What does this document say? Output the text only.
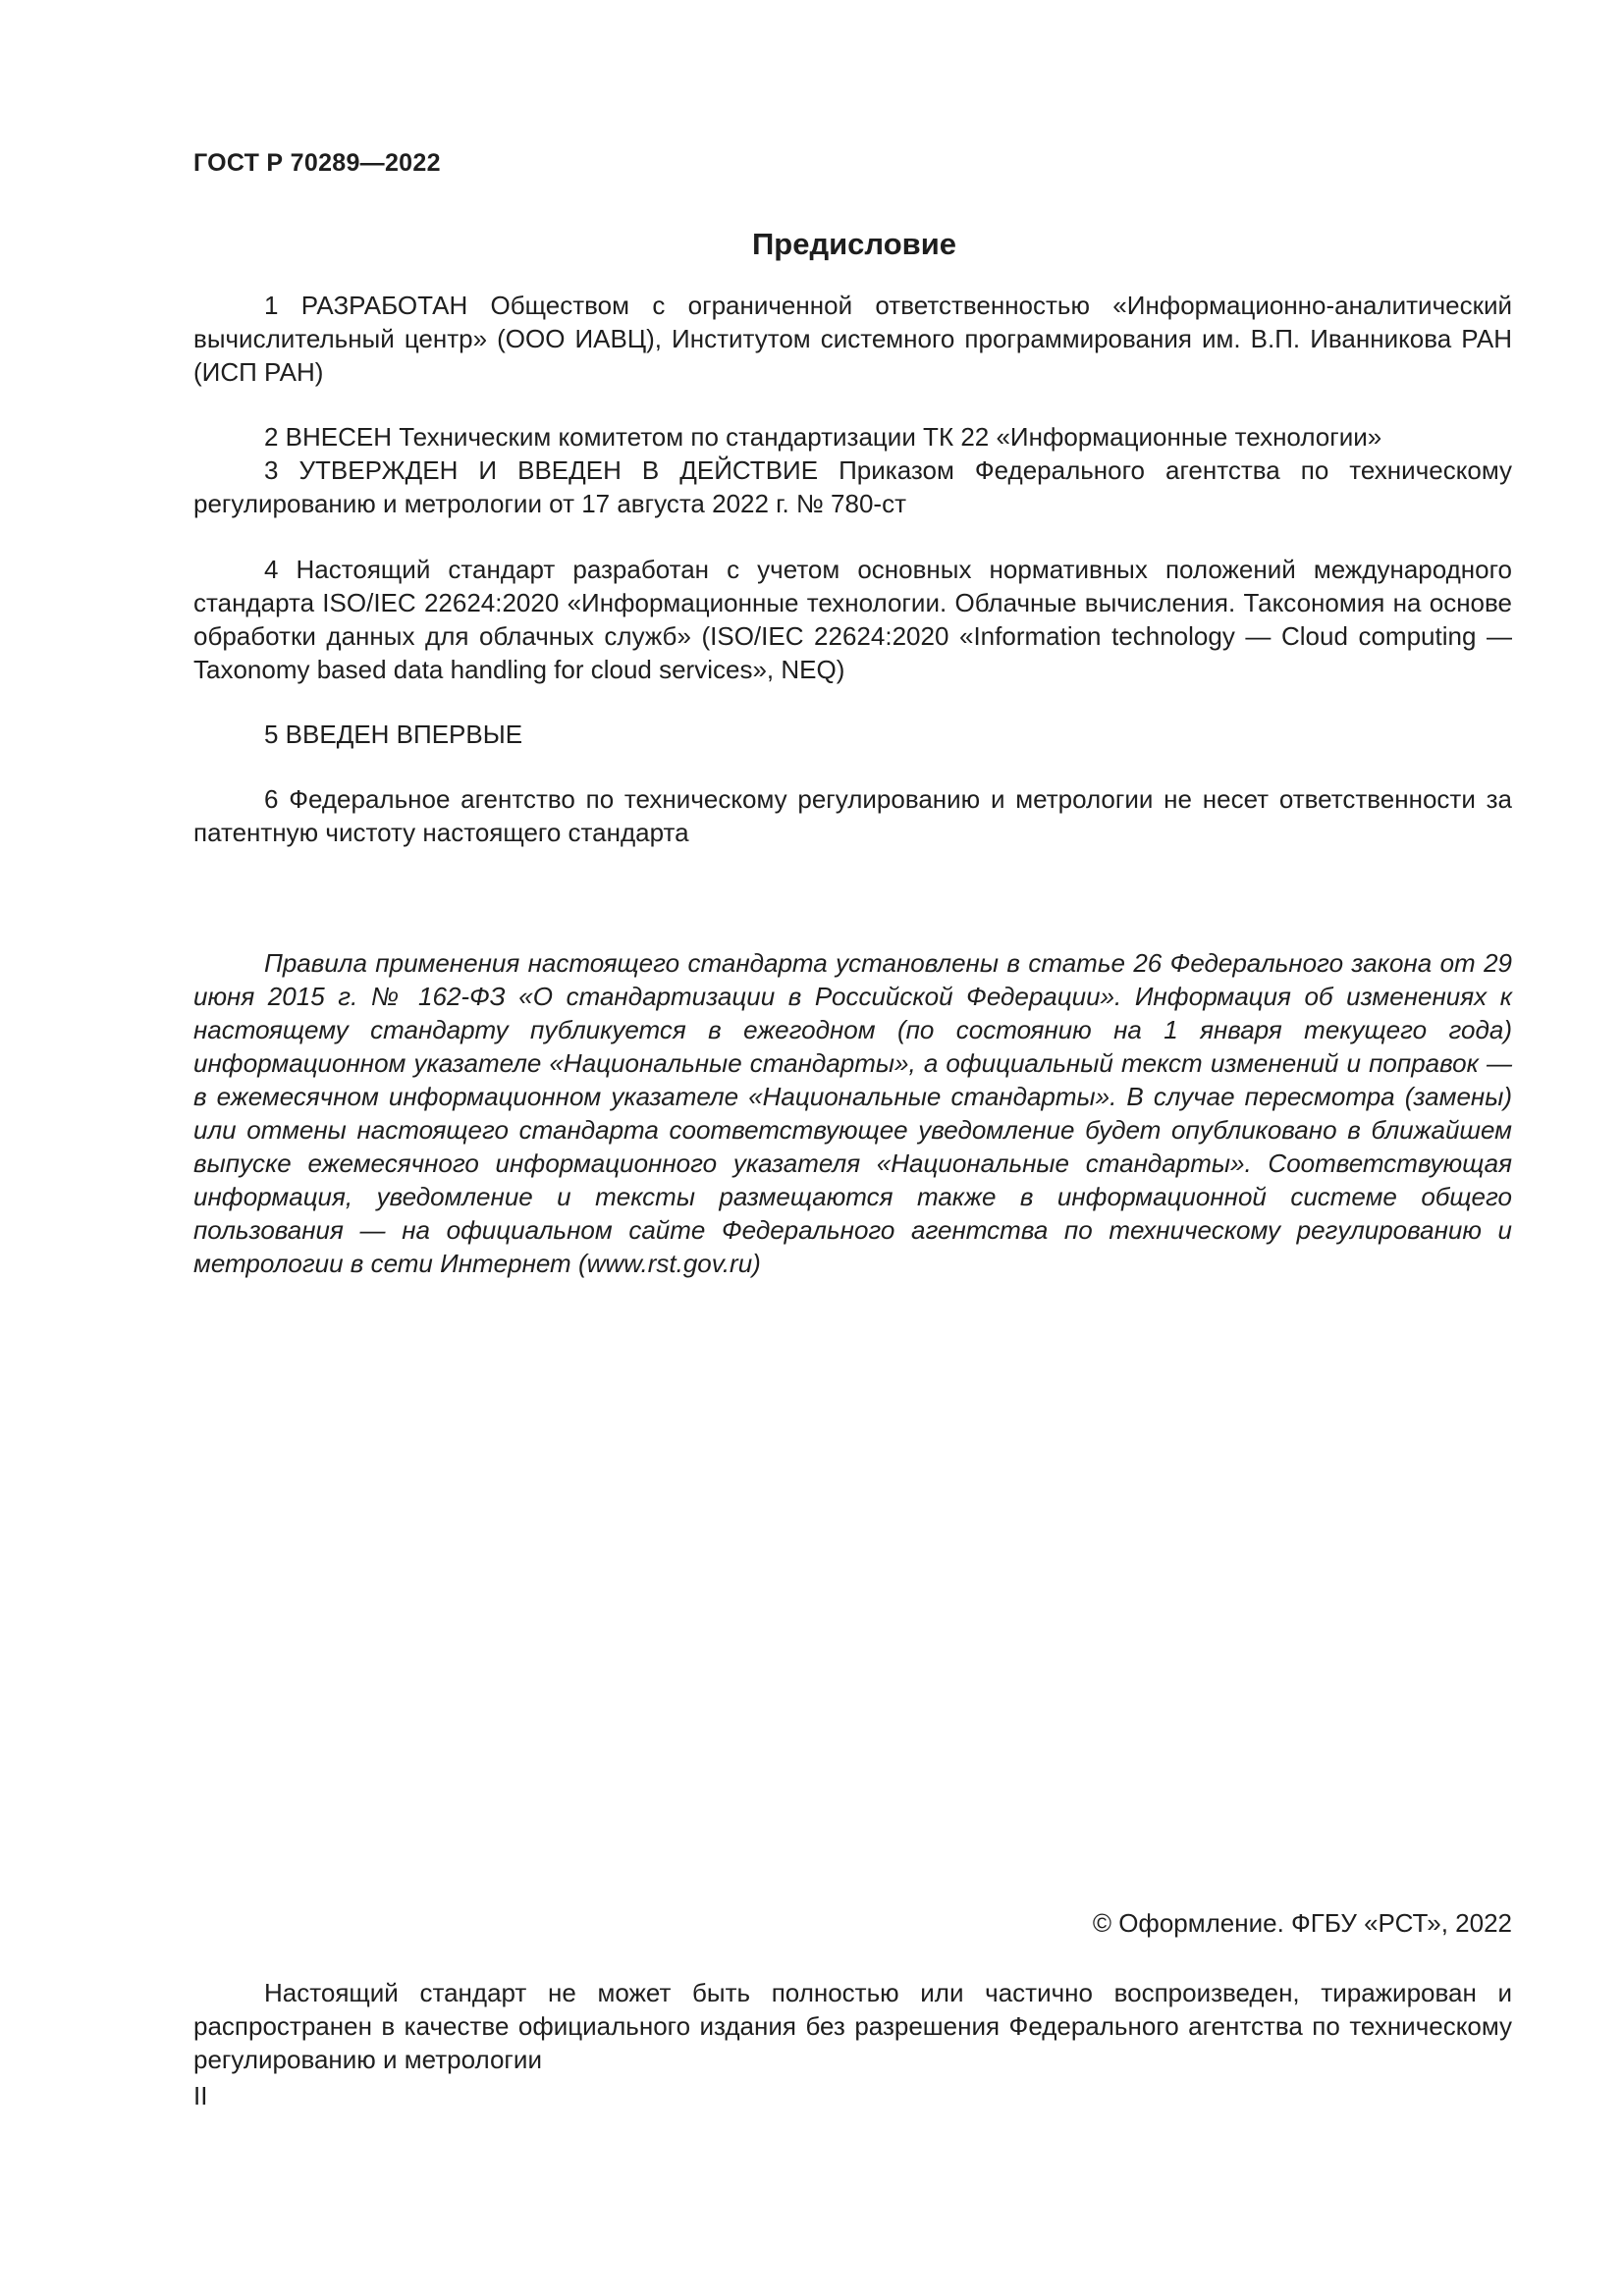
ГОСТ Р 70289—2022
Предисловие

1 РАЗРАБОТАН Обществом с ограниченной ответственностью «Информационно-аналитический вычислительный центр» (ООО ИАВЦ), Институтом системного программирования им. В.П. Иванникова РАН (ИСП РАН)

2 ВНЕСЕН Техническим комитетом по стандартизации ТК 22 «Информационные технологии»

3 УТВЕРЖДЕН И ВВЕДЕН В ДЕЙСТВИЕ Приказом Федерального агентства по техническому регулированию и метрологии от 17 августа 2022 г. № 780-ст

4 Настоящий стандарт разработан с учетом основных нормативных положений международного стандарта ISO/IEC 22624:2020 «Информационные технологии. Облачные вычисления. Таксономия на основе обработки данных для облачных служб» (ISO/IEC 22624:2020 «Information technology — Cloud computing — Taxonomy based data handling for cloud services», NEQ)

5 ВВЕДЕН ВПЕРВЫЕ

6 Федеральное агентство по техническому регулированию и метрологии не несет ответственности за патентную чистоту настоящего стандарта

Правила применения настоящего стандарта установлены в статье 26 Федерального закона от 29 июня 2015 г. № 162-ФЗ «О стандартизации в Российской Федерации». Информация об изменениях к настоящему стандарту публикуется в ежегодном (по состоянию на 1 января текущего года) информационном указателе «Национальные стандарты», а официальный текст изменений и поправок — в ежемесячном информационном указателе «Национальные стандарты». В случае пересмотра (замены) или отмены настоящего стандарта соответствующее уведомление будет опубликовано в ближайшем выпуске ежемесячного информационного указателя «Национальные стандарты». Соответствующая информация, уведомление и тексты размещаются также в информационной системе общего пользования — на официальном сайте Федерального агентства по техническому регулированию и метрологии в сети Интернет (www.rst.gov.ru)

© Оформление. ФГБУ «РСТ», 2022

Настоящий стандарт не может быть полностью или частично воспроизведен, тиражирован и распространен в качестве официального издания без разрешения Федерального агентства по техническому регулированию и метрологии

II
